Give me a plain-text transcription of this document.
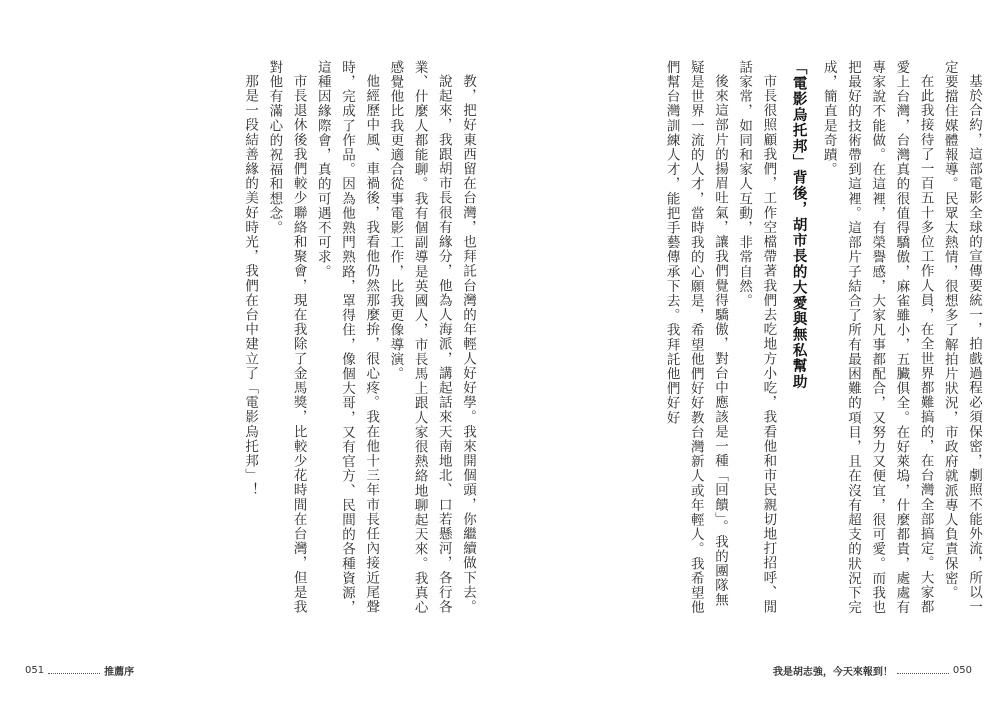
教，把好東西留在台灣，也拜託台灣的年輕人好好學。我來開個頭，你繼續做下去。

說起來，我跟胡市長很有緣分，他為人海派，講起話來天南地北、口若懸河，各行各業、什麼人都能聊。我有個副導是英國人，市長馬上跟人家很熱絡地聊起天來。我真心感覺他比我更適合從事電影工作，比我更像導演。

他經歷中風、車禍後，我看他仍然那麼拚，很心疼。我在他十三年市長任內接近尾聲時，完成了作品。因為他熟門熟路，罩得住，像個大哥，又有官方、民間的各種資源，這種因緣際會，真的可遇不可求。

市長退休後我們較少聯絡和聚會，現在我除了金馬獎，比較少花時間在台灣，但是我對他有滿心的祝福和想念。

那是一段結善緣的美好時光，我們在台中建立了「電影烏托邦」！

051	推薦序

基於合約，這部電影全球的宣傳要統一，拍戲過程必須保密，劇照不能外流，所以一定要擋住媒體報導。民眾太熱情，很想多了解拍片狀況，市政府就派專人負責保密。

在此我接待了一百五十多位工作人員，在全世界都難搞的，在台灣全部搞定。大家都愛上台灣，台灣真的很值得驕傲，麻雀雖小，五臟俱全。在好萊塢，什麼都貴，處處有專家說不能做。在這裡，有榮譽感，大家凡事都配合，又努力又便宜，很可愛。而我也把最好的技術帶到這裡。這部片子結合了所有最困難的項目，且在沒有超支的狀況下完成，簡直是奇蹟。

「電影烏托邦」背後，胡市長的大愛與無私幫助

市長很照顧我們，工作空檔帶著我們去吃地方小吃，我看他和市民親切地打招呼、閒話家常，如同和家人互動，非常自然。

後來這部片的揚眉吐氣，讓我們覺得驕傲，對台中應該是一種「回饋」。我的團隊無疑是世界一流的人才，當時我的心願是，希望他們好好教台灣新人或年輕人。我希望他們幫台灣訓練人才，能把手藝傳承下去。我拜託他們好好

我是胡志強，今天來報到！	050
